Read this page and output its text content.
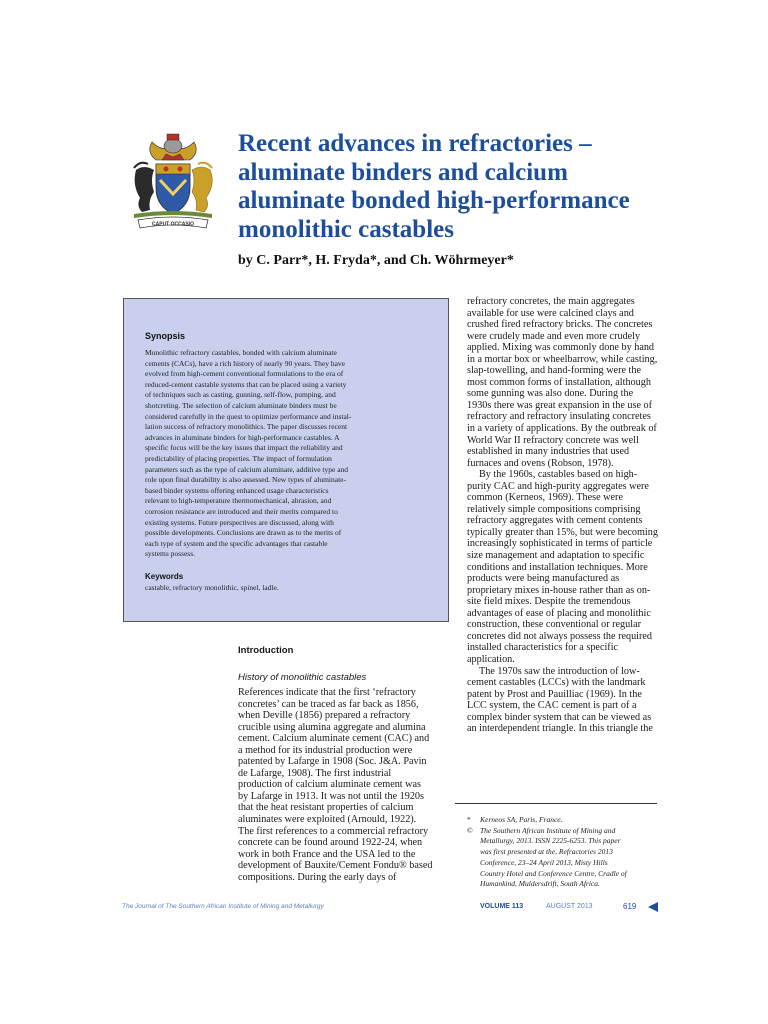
CAPUT OCCASIO
Recent advances in refractories –
aluminate binders and calcium
aluminate bonded high-performance
monolithic castables

by C. Parr*, H. Fryda*, and Ch. Wöhrmeyer*

Synopsis

Monolithic refractory castables, bonded with calcium aluminate
cements (CACs), have a rich history of nearly 90 years. They have
evolved from high-cement conventional formulations to the era of
reduced-cement castable systems that can be placed using a variety
of techniques such as casting, gunning, self-flow, pumping, and
shotcreting. The selection of calcium aluminate binders must be
considered carefully in the quest to optimize performance and instal-
lation success of refractory monolithics. The paper discusses recent
advances in aluminate binders for high-performance castables. A
specific focus will be the key issues that impact the reliability and
predictability of placing properties. The impact of formulation
parameters such as the type of calcium aluminate, additive type and
role upon final durability is also assessed. New types of aluminate-
based binder systems offering enhanced usage characteristics
relevant to high-temperature thermomechanical, abrasion, and
corrosion resistance are introduced and their merits compared to
existing systems. Future perspectives are discussed, along with
possible developments. Conclusions are drawn as to the merits of
each type of system and the specific advantages that castable
systems possess.

Keywords

castable, refractory monolithic, spinel, ladle.

Introduction

History of monolithic castables

References indicate that the first ‘refractory
concretes’ can be traced as far back as 1856,
when Deville (1856) prepared a refractory
crucible using alumina aggregate and alumina
cement. Calcium aluminate cement (CAC) and
a method for its industrial production were
patented by Lafarge in 1908 (Soc. J&A. Pavin
de Lafarge, 1908). The first industrial
production of calcium aluminate cement was
by Lafarge in 1913. It was not until the 1920s
that the heat resistant properties of calcium
aluminates were exploited (Arnould, 1922).
The first references to a commercial refractory
concrete can be found around 1922-24, when
work in both France and the USA led to the
development of Bauxite/Cement Fondu® based
compositions. During the early days of
refractory concretes, the main aggregates
available for use were calcined clays and
crushed fired refractory bricks. The concretes
were crudely made and even more crudely
applied. Mixing was commonly done by hand
in a mortar box or wheelbarrow, while casting,
slap-towelling, and hand-forming were the
most common forms of installation, although
some gunning was also done. During the
1930s there was great expansion in the use of
refractory and refractory insulating concretes
in a variety of applications. By the outbreak of
World War II refractory concrete was well
established in many industries that used
furnaces and ovens (Robson, 1978).
By the 1960s, castables based on high-
purity CAC and high-purity aggregates were
common (Kerneos, 1969). These were
relatively simple compositions comprising
refractory aggregates with cement contents
typically greater than 15%, but were becoming
increasingly sophisticated in terms of particle
size management and adaptation to specific
conditions and installation techniques. More
products were being manufactured as
proprietary mixes in-house rather than as on-
site field mixes. Despite the tremendous
advantages of ease of placing and monolithic
construction, these conventional or regular
concretes did not always possess the required
installed characteristics for a specific
application.
The 1970s saw the introduction of low-
cement castables (LCCs) with the landmark
patent by Prost and Pauilliac (1969). In the
LCC system, the CAC cement is part of a
complex binder system that can be viewed as
an interdependent triangle. In this triangle the
* Kerneos SA, Paris, France.
© The Southern African Institute of Mining and
Metallurgy, 2013. ISSN 2225-6253. This paper
was first presented at the, Refractories 2013
Conference, 23–24 April 2013, Misty Hills
Country Hotel and Conference Centre, Cradle of
Humankind, Muldersdrift, South Africa.

The Journal of The Southern African Institute of Mining and Metallurgy	VOLUME 113	AUGUST 2013	619
